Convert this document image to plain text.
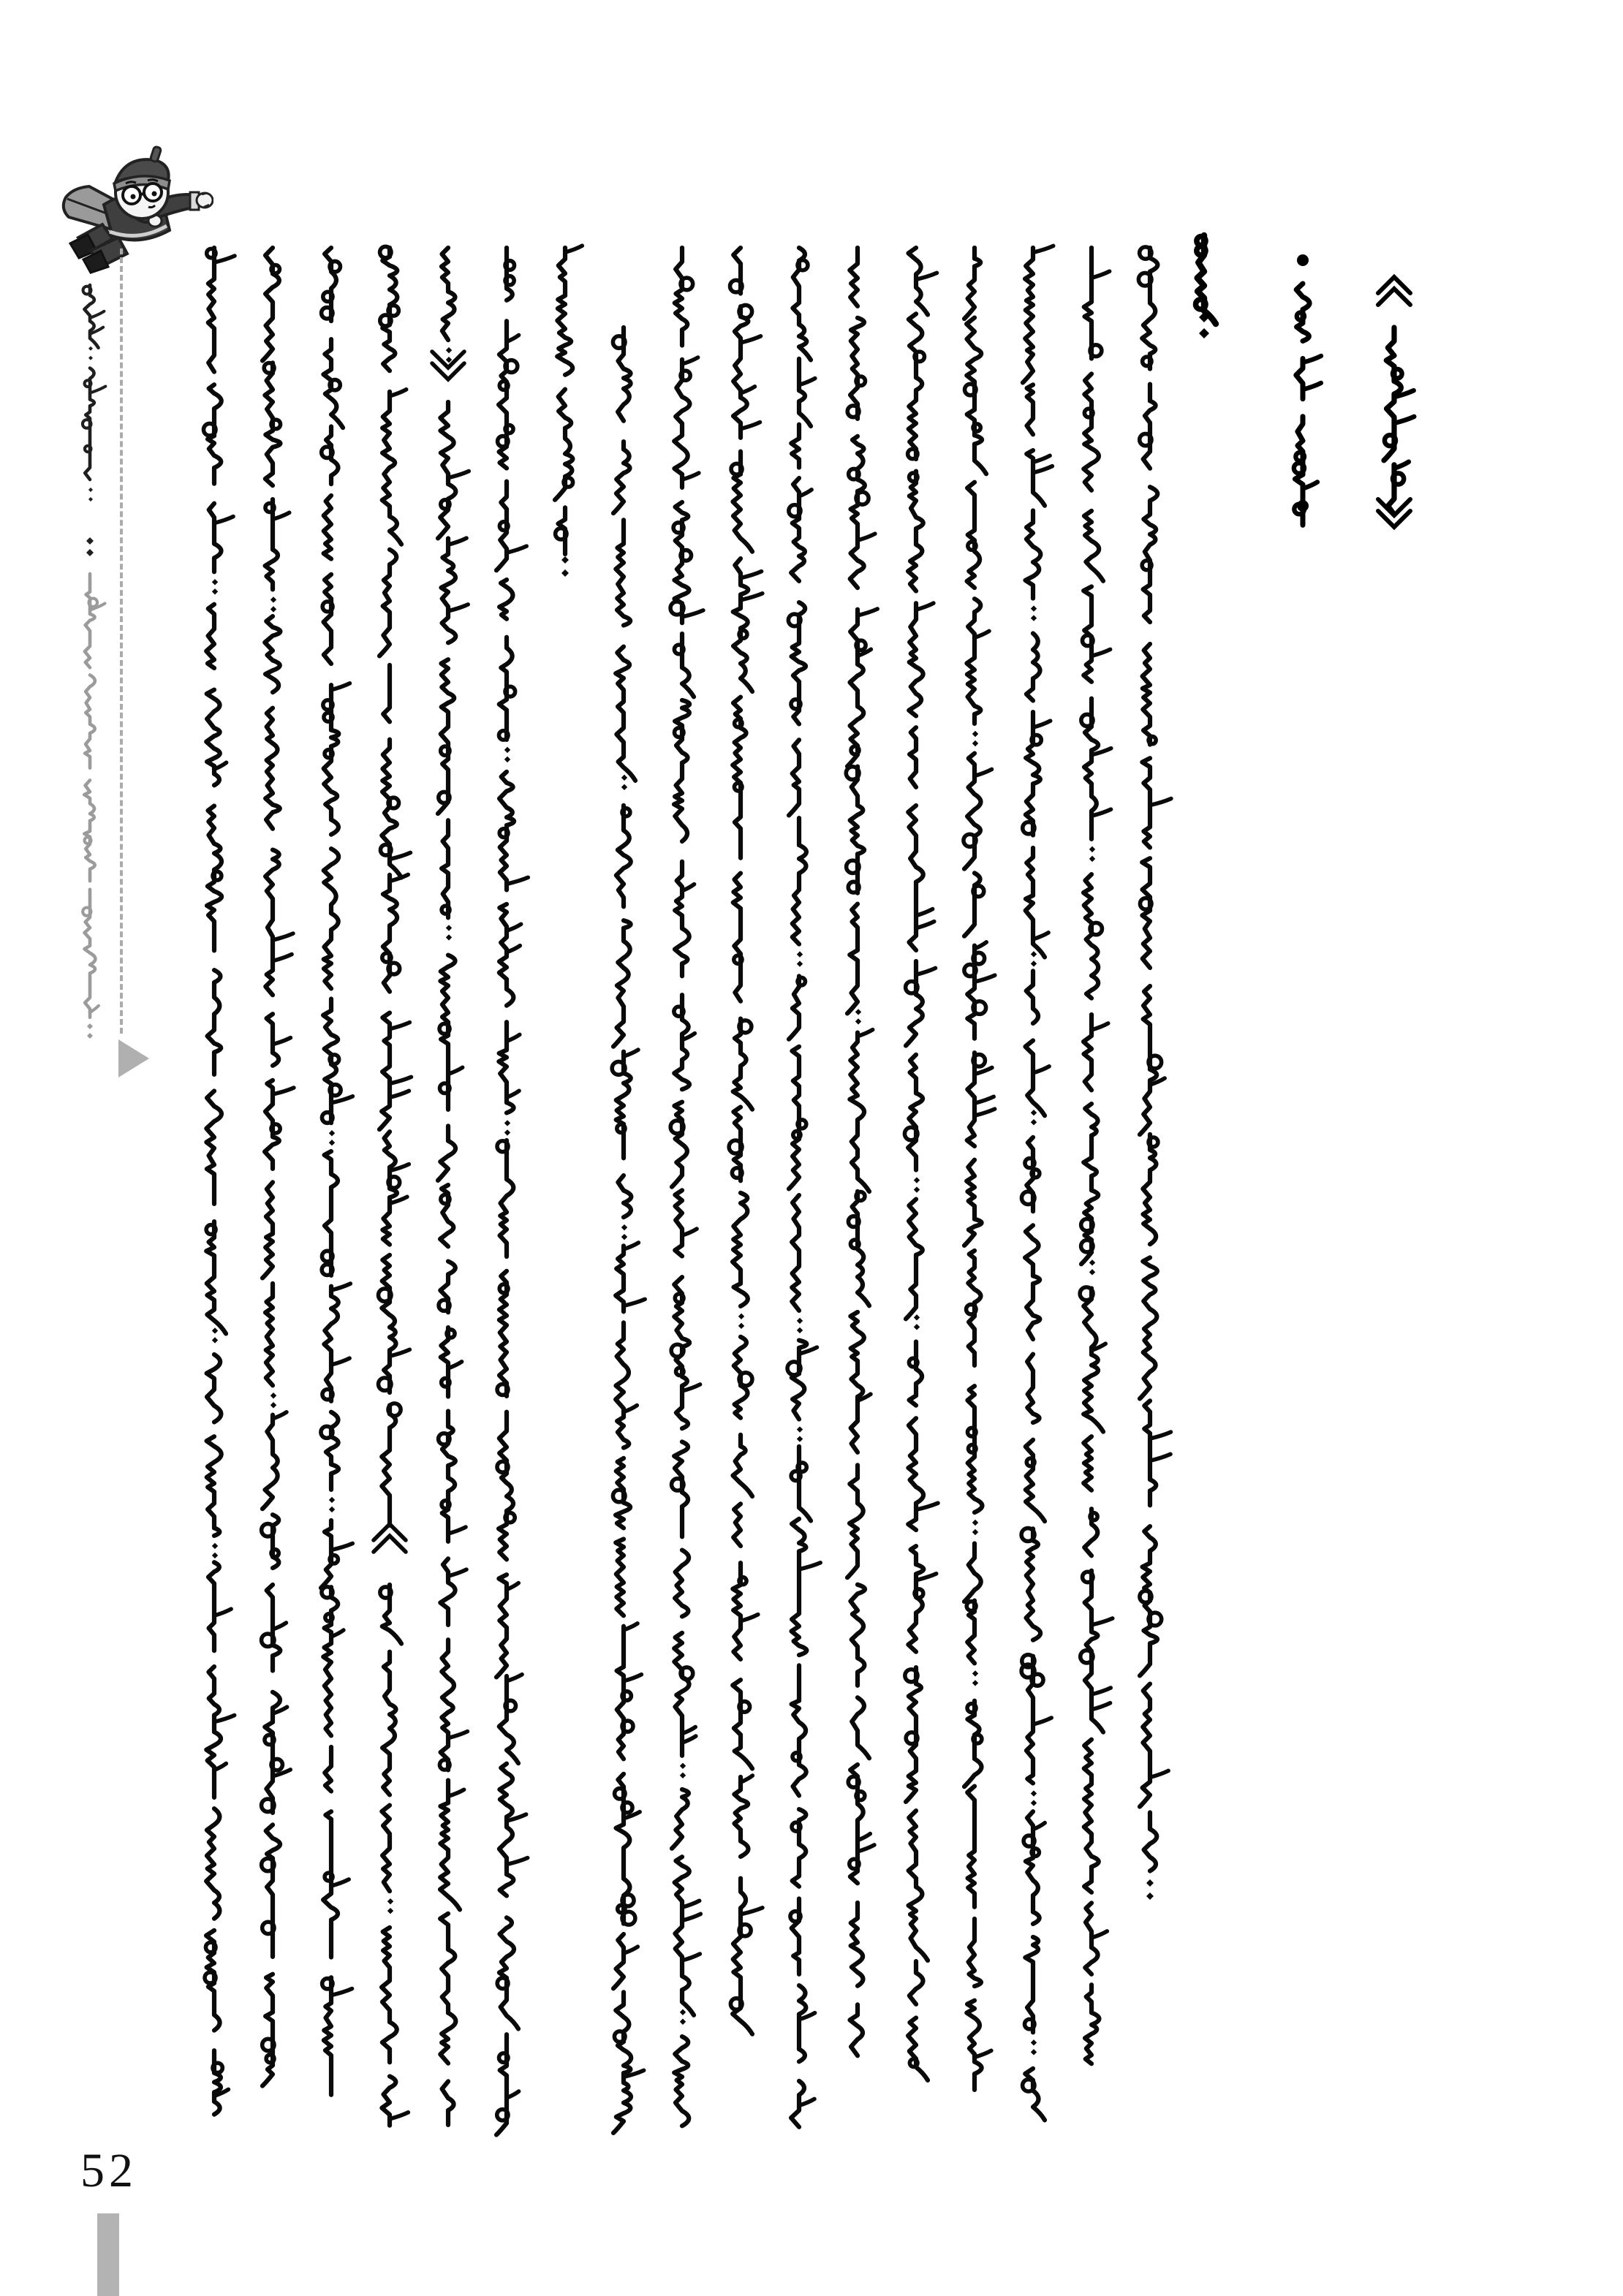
52
